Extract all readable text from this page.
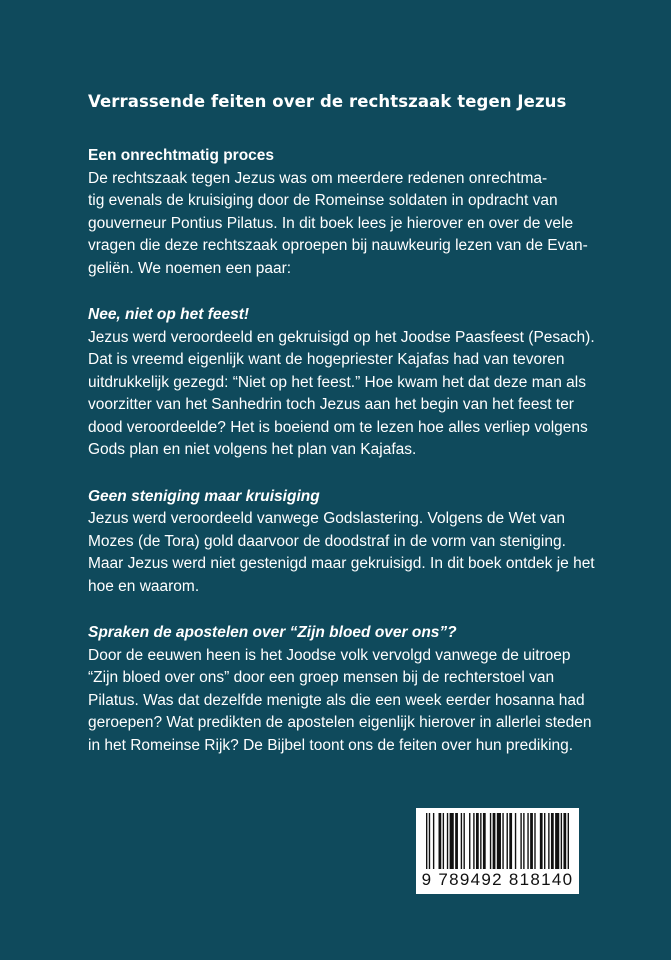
Verrassende feiten over de rechtszaak tegen Jezus
Een onrechtmatig proces
De rechtszaak tegen Jezus was om meerdere redenen onrechtma-
tig evenals de kruisiging door de Romeinse soldaten in opdracht van
gouverneur Pontius Pilatus. In dit boek lees je hierover en over de vele
vragen die deze rechtszaak oproepen bij nauwkeurig lezen van de Evan-
geliën. We noemen een paar:
Nee, niet op het feest!
Jezus werd veroordeeld en gekruisigd op het Joodse Paasfeest (Pesach).
Dat is vreemd eigenlijk want de hogepriester Kajafas had van tevoren
uitdrukkelijk gezegd: “Niet op het feest.” Hoe kwam het dat deze man als
voorzitter van het Sanhedrin toch Jezus aan het begin van het feest ter
dood veroordeelde? Het is boeiend om te lezen hoe alles verliep volgens
Gods plan en niet volgens het plan van Kajafas.
Geen steniging maar kruisiging
Jezus werd veroordeeld vanwege Godslastering. Volgens de Wet van
Mozes (de Tora) gold daarvoor de doodstraf in de vorm van steniging.
Maar Jezus werd niet gestenigd maar gekruisigd. In dit boek ontdek je het
hoe en waarom.
Spraken de apostelen over “Zijn bloed over ons”?
Door de eeuwen heen is het Joodse volk vervolgd vanwege de uitroep
“Zijn bloed over ons” door een groep mensen bij de rechterstoel van
Pilatus. Was dat dezelfde menigte als die een week eerder hosanna had
geroepen? Wat predikten de apostelen eigenlijk hierover in allerlei steden
in het Romeinse Rijk? De Bijbel toont ons de feiten over hun prediking.
9 789492 818140
